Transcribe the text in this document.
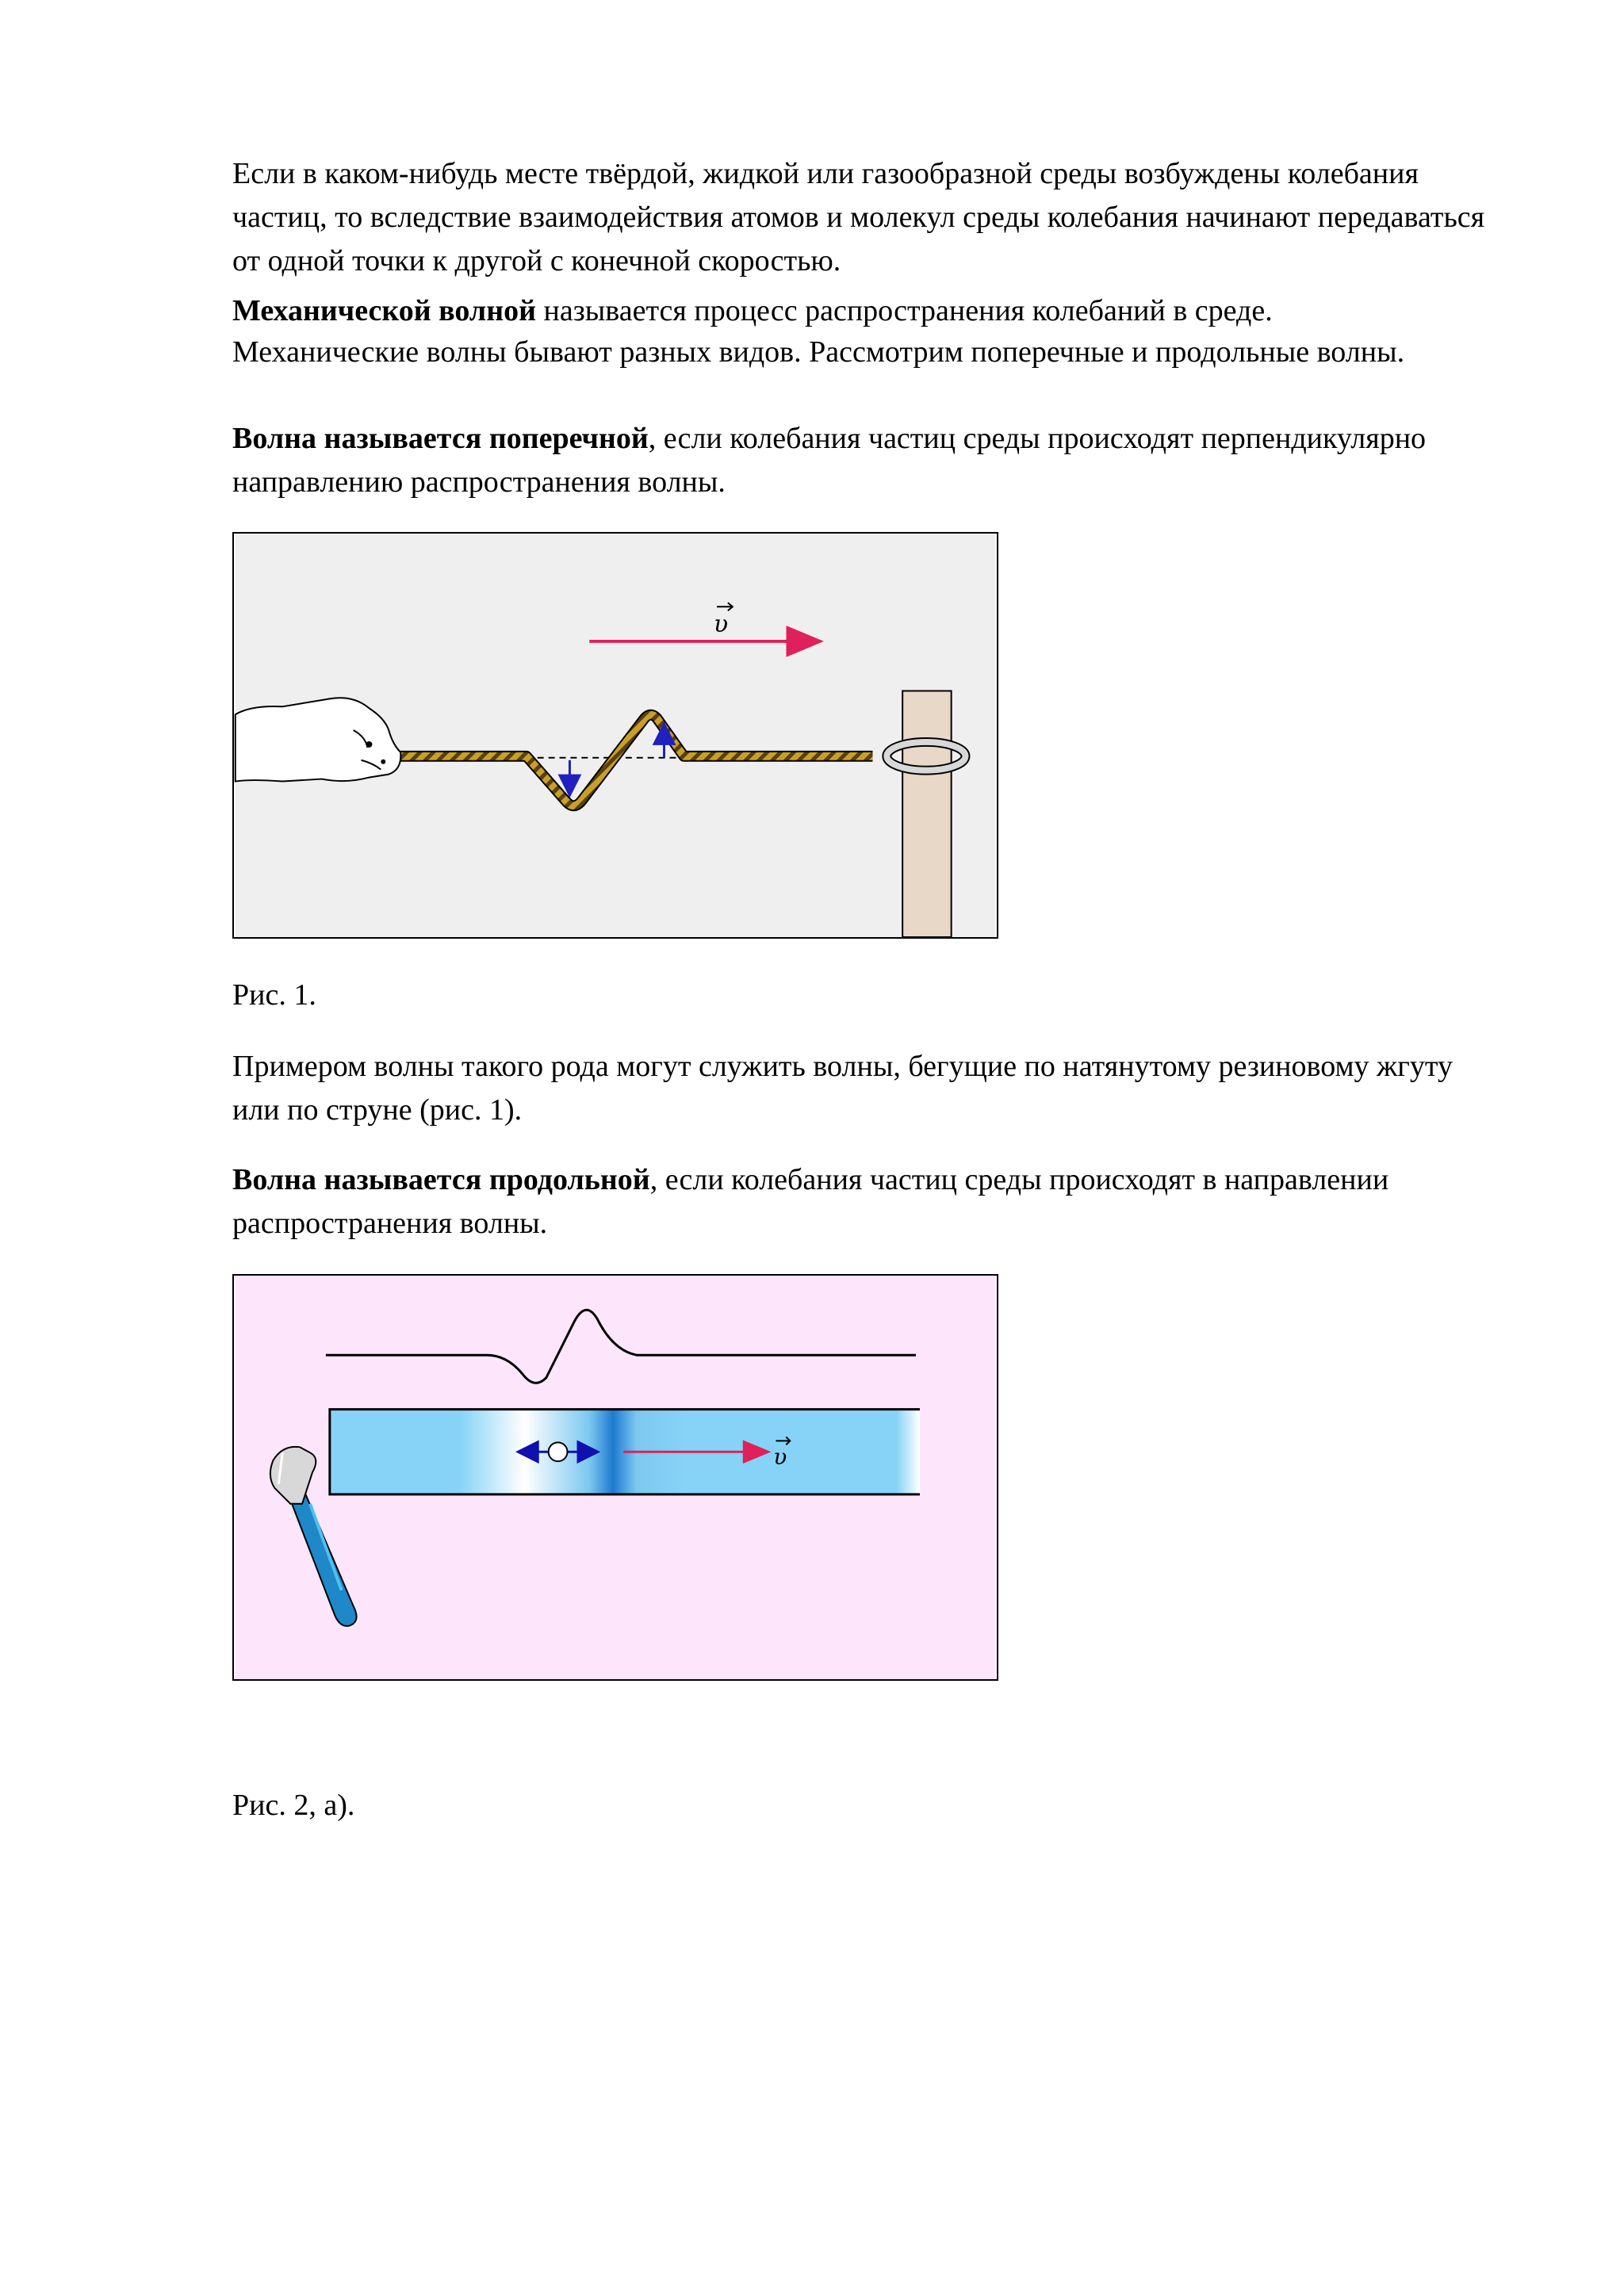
Если в каком-нибудь месте твёрдой, жидкой или газообразной среды возбуждены колебания частиц, то вследствие взаимодействия атомов и молекул среды колебания начинают передаваться от одной точки к другой с конечной скоростью.

Механической волной называется процесс распространения колебаний в среде.
Механические волны бывают разных видов. Рассмотрим поперечные и продольные волны.

Волна называется поперечной, если колебания частиц среды происходят перпендикулярно направлению распространения волны.

υ

Рис. 1.

Примером волны такого рода могут служить волны, бегущие по натянутому резиновому жгуту или по струне (рис. 1).

Волна называется продольной, если колебания частиц среды происходят в направлении распространения волны.

υ

Рис. 2, а).
